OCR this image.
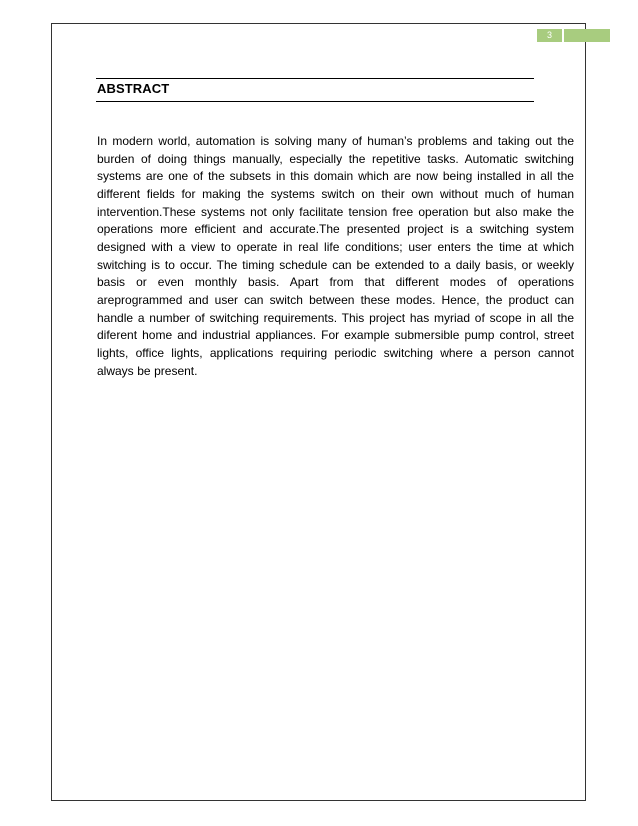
3
ABSTRACT
In modern world, automation is solving many of human’s problems and taking out the burden of doing things manually, especially the repetitive tasks. Automatic switching systems are one of the subsets in this domain which are now being installed in all the different fields for making the systems switch on their own without much of human intervention.These systems not only facilitate tension free operation but also make the operations more efficient and accurate.The presented project is a switching system designed with a view to operate in real life conditions; user enters the time at which switching is to occur. The timing schedule can be extended to a daily basis, or weekly basis or even monthly basis. Apart from that different modes of operations areprogrammed and user can switch between these modes. Hence, the product can handle a number of switching requirements. This project has myriad of scope in all the diferent home and industrial appliances. For example submersible pump control, street lights, office lights, applications requiring periodic switching where a person cannot always be present.
